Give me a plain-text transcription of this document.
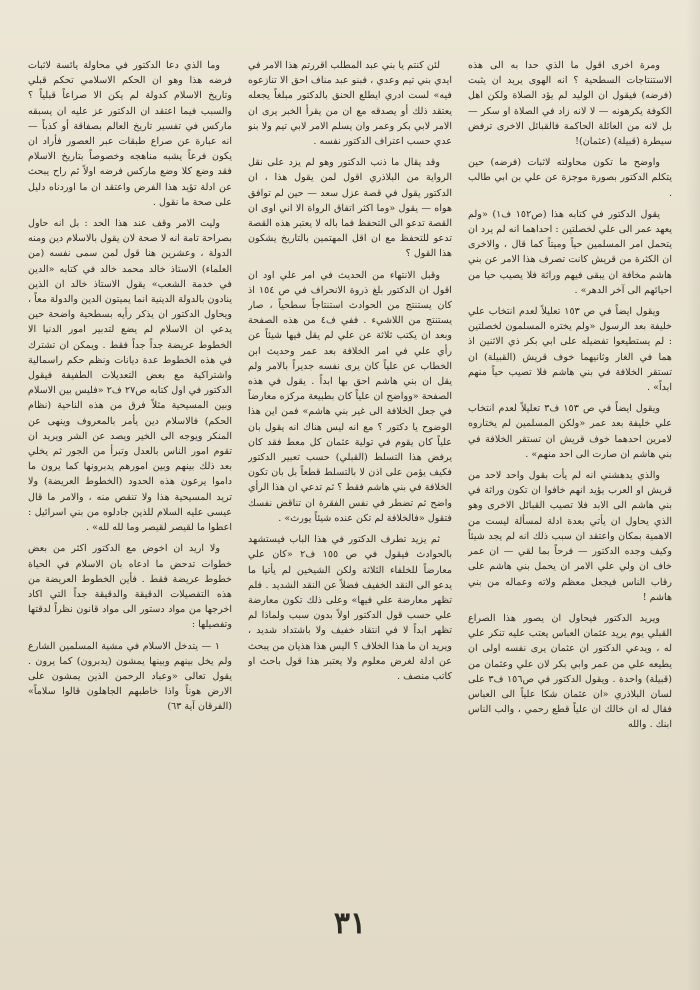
ومرة اخرى اقول ما الذي حدا به الى هذه الاستنتاجات السطحية ؟ انه الهوى يريد ان يثبت (فرضه) فيقول ان الوليد لم يؤد الصلاة ولكن اهل الكوفة يكرهونه — لا لانه زاد في الصلاة او سكر — بل لانه من العائلة الحاكمة فالقبائل الاخرى ترفض سيطرة (قبيلة) (عثمان)!

واوضح ما تكون محاولته لاثبات (فرضه) حين يتكلم الدكتور بصورة موجزة عن علي بن ابي طالب .

يقول الدكتور في كتابه هذا (ص١٥٢ ف١) «ولم يعهد عمر الى علي لخصلتين : احداهما انه لم يرد ان يتحمل امر المسلمين حياً وميتاً كما قال ، والاخرى ان الكثرة من قريش كانت تصرف هذا الامر عن بني هاشم مخافة ان يبقى فيهم وراثة فلا يصيب حيا من احيائهم الى آخر الدهر» .

ويقول ايضاً في ص ١٥٣ تعليلاً لعدم انتخاب علي خليفة بعد الرسول «ولم يختره المسلمون لخصلتين : لم يستطيعوا تفضيله على ابي بكر ذي الاثنين اذ هما في الغار وثانيهما خوف قريش (القبيلة) ان تستقر الخلافة في بني هاشم فلا تصيب حياً منهم ابداً» .

ويقول ايضاً في ص ١٥٣ ف٣ تعليلاً لعدم انتخاب علي خليفة بعد عمر «ولكن المسلمين لم يختاروه لامرين احدهما خوف قريش ان تستقر الخلافة في بني هاشم ان صارت الى احد منهم» .

والذي يدهشني انه لم يأت بقول واحد لاحد من قريش او العرب يؤيد انهم خافوا ان تكون وراثة في بني هاشم الى الابد فلا تصيب القبائل الاخرى وهو الذي يحاول ان يأتي بعدة ادلة لمسألة ليست من الاهمية بمكان واعتقد ان سبب ذلك انه لم يجد شيئاً وكيف وجده الدكتور — فرحاً بما لقي — ان عمر خاف ان ولي علي الامر ان يحمل بني هاشم على رقاب الناس فيجعل معظم ولاته وعماله من بني هاشم !

ويريد الدكتور فيحاول ان يصور هذا الصراع القبلي يوم يريد عثمان العباس يعتب عليه تنكر علي له ، ويدعي الدكتور ان عثمان يرى نفسه اولى ان يطيعه علي من عمر وابي بكر لان علي وعثمان من (قبيلة) واحدة . ويقول الدكتور في ص١٥٦ ف٣ على لسان البلاذري «ان عثمان شكا علياً الى العباس فقال له ان خالك ان علياً قطع رحمي ، والب الناس ابنك . والله

لئن كنتم يا بني عبد المطلب اقررتم هذا الامر في ايدي بني تيم وعدي ، فبنو عبد مناف احق الا تنازعوه فيه» لست ادري ايطلع الحنق بالدكتور مبلغاً يجعله يعتقد ذلك أو يصدقه مع ان من يقرأ الخبر يرى ان الامر لابي بكر وعمر وان يسلم الامر لابي تيم ولا بنو عدي حسب اعتراف الدكتور نفسه .

وقد يقال ما ذنب الدكتور وهو لم يزد على نقل الرواية من البلاذري اقول لمن يقول هذا ، ان الدكتور يقول في قصة عزل سعد — حين لم توافق هواه — يقول «وما اكثر اتفاق الرواة الا اني اوى ان القصة تدعو الى التحفظ فما باله لا يعتبر هذه القصة تدعو للتحفظ مع ان اقل المهتمين بالتاريخ يشكون هذا القول ؟

وقبل الانتهاء من الحديث في امر علي اود ان اقول ان الدكتور بلغ ذروة الانحراف في ص ١٥٤ اذ كان يستنتج من الحوادث استنتاجاً سطحياً ، صار يستنتج من اللاشيء . ففي ف٤ من هذه الصفحة وبعد ان يكتب ثلاثة عن علي لم يقل فيها شيئاً عن رأي علي في امر الخلافة بعد عمر وحديث ابن الخطاب عن علياً كان يرى نفسه جديراً بالامر ولم يقل ان بني هاشم احق بها ابداً . يقول في هذه الصفحة «وواضح ان علياً كان بطبيعة مركزه معارضاً في جعل الخلافة الى غير بني هاشم» فمن اين هذا الوضوح يا دكتور ؟ مع انه ليس هناك انه يقول بان علياً كان يقوم في تولية عثمان كل معط فقد كان يرفض هذا التسلط (القبلي) حسب تعبير الدكتور فكيف يؤمن على اذن لا بالتسلط قطعاً بل بان تكون الخلافة في بني هاشم فقط ؟ ثم تدعي ان هذا الرأي واضح ثم تضطر في نفس الفقرة ان تناقض نفسك فتقول «فالخلافة لم تكن عنده شيئاً يورث» .

ثم يزيد تطرف الدكتور في هذا الباب فيستشهد بالحوادث فيقول في ص ١٥٥ ف٢ «كان علي معارضاً للخلفاء الثلاثة ولكن الشيخين لم يأتيا ما يدعو الى النقد الخفيف فضلاً عن النقد الشديد . فلم تظهر معارضة علي فيها» وعلى ذلك تكون معارضة علي حسب قول الدكتور اولاً بدون سبب ولماذا لم تظهر ابداً لا في انتقاد خفيف ولا باشتداد شديد ، ويريد ان ما هذا الخلاف ؟ اليس هذا هذيان من يبحث عن ادلة لغرض معلوم ولا يعتبر هذا قول باحث او كاتب منصف .

وما الذي دعا الدكتور في محاولة يائسة لاثبات فرضه هذا وهو ان الحكم الاسلامي تحكم قبلي وتاريخ الاسلام كدولة لم يكن الا صراعاً قبلياً ؟ والسبب فيما اعتقد ان الدكتور عز عليه ان يسبقه ماركس في تفسير تاريخ العالم بصفاقة أو كذباً — انه عبارة عن صراع طبقات عبر العصور فأراد ان يكون فرعاً يشبه مناهجه وخصوصاً بتاريخ الاسلام فقد وضع كلا وضع ماركس فرضه اولاً ثم راح يبحث عن ادلة تؤيد هذا الفرض واعتقد ان ما اوردناه دليل على صحة ما نقول .

وليت الامر وقف عند هذا الحد : بل انه حاول بصراحة تامة انه لا صحة لان يقول بالاسلام دين ومنه الدولة ، وعشرين هنا قول لمن سمى نفسه (من العلماء) الاستاذ خالد محمد خالد في كتابه «الدين في خدمة الشعب» يقول الاستاذ خالد ان الذين ينادون بالدولة الدينية انما يميتون الدين والدولة معاً ، ويحاول الدكتور ان يذكر رأيه بسطحية واضحة حين يدعي ان الاسلام لم يضع لتدبير امور الدنيا الا الخطوط عريضة جداً جداً فقط . ويمكن ان تشترك في هذه الخطوط عدة ديانات ونظم حكم راسمالية واشتراكية مع بعض التعديلات الطفيفة فيقول الدكتور في اول كتابه ص٢٧ ف٢ «فليس بين الاسلام وبين المسيحية مثلاً فرق من هذه الناحية (نظام الحكم) فالاسلام دين يأمر بالمعروف وينهى عن المنكر ويوجه الى الخير ويصد عن الشر ويريد ان تقوم امور الناس بالعدل وتبرأ من الجور ثم يخلي بعد ذلك بينهم وبين امورهم يدبرونها كما يرون ما داموا يرعون هذه الحدود (الخطوط العريضة) ولا تريد المسيحية هذا ولا تنقص منه ، والامر ما قال عيسى عليه السلام للذين جادلوه من بني اسرائيل : اعطوا ما لقيصر لقيصر وما لله لله» .

ولا اريد ان اخوض مع الدكتور اكثر من بعض خطوات تدحض ما ادعاه بان الاسلام في الحياة خطوط عريضة فقط . فأين الخطوط العريضة من هذه التفصيلات الدقيقة والدقيقة جداً التي اكاد اخرجها من مواد دستور الى مواد قانون نظراً لدقتها وتفصيلها :

١ — يتدخل الاسلام في مشية المسلمين الشارع ولم يخل بينهم وبينها يمشون (يدبرون) كما يرون . يقول تعالى «وعباد الرحمن الذين يمشون على الارض هوناً واذا خاطبهم الجاهلون قالوا سلاماً» (الفرقان آية ٦٣)

٣١
